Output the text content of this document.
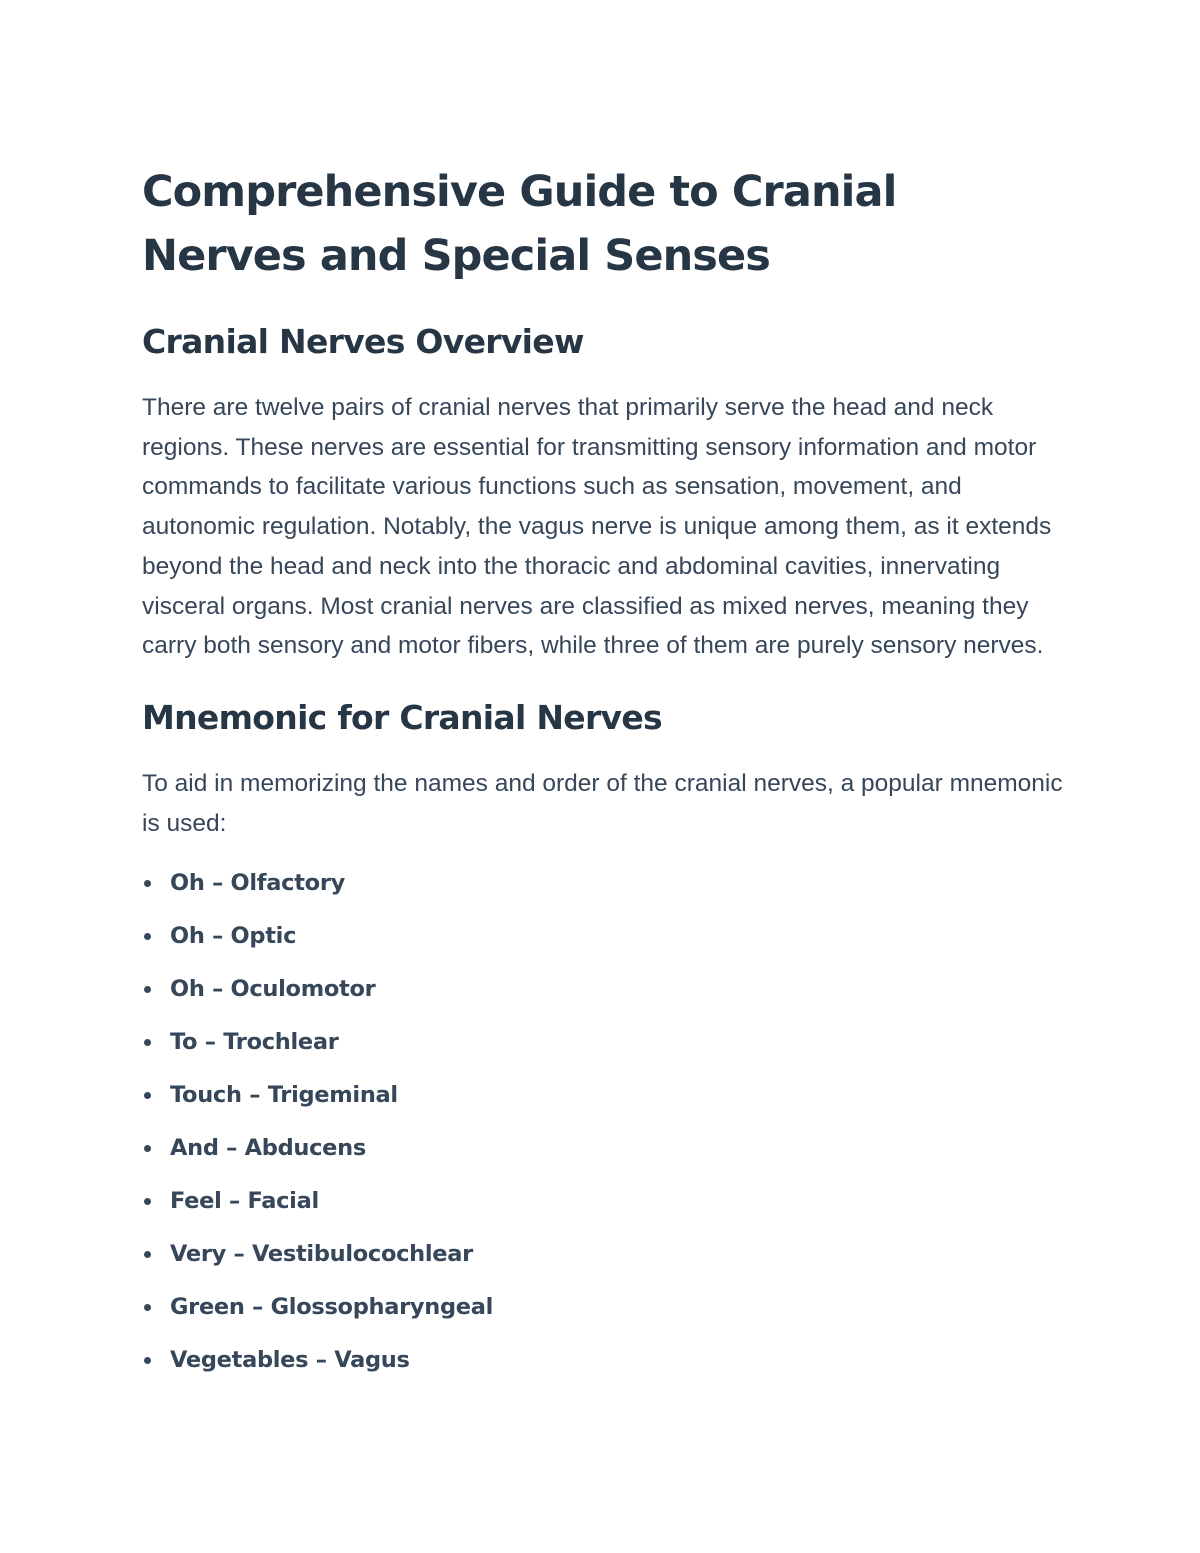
Comprehensive Guide to Cranial Nerves and Special Senses
Cranial Nerves Overview

There are twelve pairs of cranial nerves that primarily serve the head and neck regions. These nerves are essential for transmitting sensory information and motor commands to facilitate various functions such as sensation, movement, and autonomic regulation. Notably, the vagus nerve is unique among them, as it extends beyond the head and neck into the thoracic and abdominal cavities, innervating visceral organs. Most cranial nerves are classified as mixed nerves, meaning they carry both sensory and motor fibers, while three of them are purely sensory nerves.

Mnemonic for Cranial Nerves

To aid in memorizing the names and order of the cranial nerves, a popular mnemonic is used:

Oh – Olfactory
Oh – Optic
Oh – Oculomotor
To – Trochlear
Touch – Trigeminal
And – Abducens
Feel – Facial
Very – Vestibulocochlear
Green – Glossopharyngeal
Vegetables – Vagus
